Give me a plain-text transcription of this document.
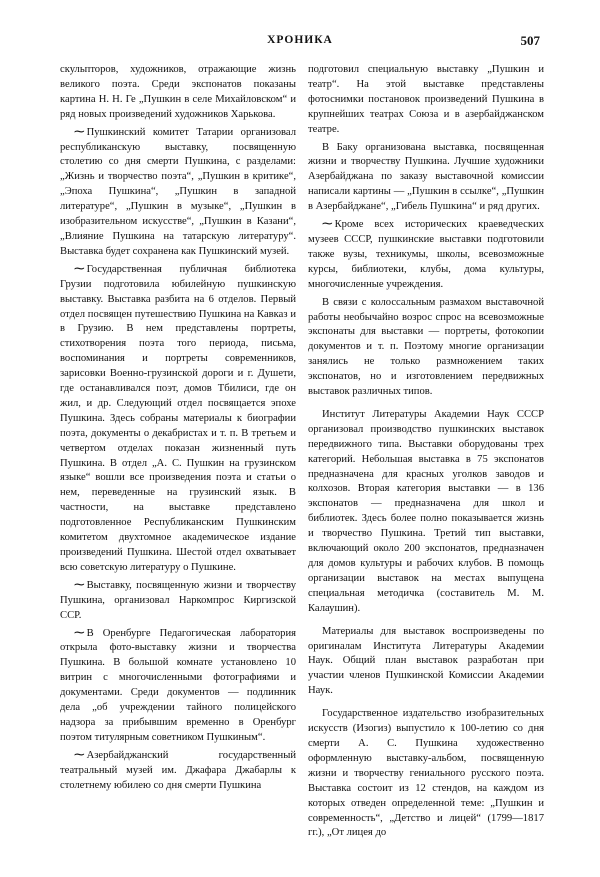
ХРОНИКА	507

скульпторов, художников, отражающие жизнь великого поэта. Среди экспонатов показаны картина Н. Н. Ге „Пушкин в селе Михайловском“ и ряд новых произведений художников Харькова.

⁓ Пушкинский комитет Татарии организовал республиканскую выставку, посвященную столетию со дня смерти Пушкина, с разделами: „Жизнь и творчество поэта“, „Пушкин в критике“, „Эпоха Пушкина“, „Пушкин в западной литературе“, „Пушкин в музыке“, „Пушкин в изобразительном искусстве“, „Пушкин в Казани“, „Влияние Пушкина на татарскую литературу“. Выставка будет сохранена как Пушкинский музей.

⁓ Государственная публичная библиотека Грузии подготовила юбилейную пушкинскую выставку. Выставка разбита на 6 отделов. Первый отдел посвящен путешествию Пушкина на Кавказ и в Грузию. В нем представлены портреты, стихотворения поэта того периода, письма, воспоминания и портреты современников, зарисовки Военно-грузинской дороги и г. Душети, где останавливался поэт, домов Тбилиси, где он жил, и др. Следующий отдел посвящается эпохе Пушкина. Здесь собраны материалы к биографии поэта, документы о декабристах и т. п. В третьем и четвертом отделах показан жизненный путь Пушкина. В отдел „А. С. Пушкин на грузинском языке“ вошли все произведения поэта и статьи о нем, переведенные на грузинский язык. В частности, на выставке представлено подготовленное Республиканским Пушкинским комитетом двухтомное академическое издание произведений Пушкина. Шестой отдел охватывает всю советскую литературу о Пушкине.

⁓ Выставку, посвященную жизни и творчеству Пушкина, организовал Наркомпрос Киргизской ССР.

⁓ В Оренбурге Педагогическая лаборатория открыла фото-выставку жизни и творчества Пушкина. В большой комнате установлено 10 витрин с многочисленными фотографиями и документами. Среди документов — подлинник дела „об учреждении тайного полицейского надзора за прибывшим временно в Оренбург поэтом титулярным советником Пушкиным“.

⁓ Азербайджанский государственный театральный музей им. Джафара Джабарлы к столетнему юбилею со дня смерти Пушкина

подготовил специальную выставку „Пушкин и театр“. На этой выставке представлены фотоснимки постановок произведений Пушкина в крупнейших театрах Союза и в азербайджанском театре.

В Баку организована выставка, посвященная жизни и творчеству Пушкина. Лучшие художники Азербайджана по заказу выставочной комиссии написали картины — „Пушкин в ссылке“, „Пушкин в Азербайджане“, „Гибель Пушкина“ и ряд других.

⁓ Кроме всех исторических краеведческих музеев СССР, пушкинские выставки подготовили также вузы, техникумы, школы, всевозможные курсы, библиотеки, клубы, дома культуры, многочисленные учреждения.

В связи с колоссальным размахом выставочной работы необычайно возрос спрос на всевозможные экспонаты для выставки — портреты, фотокопии документов и т. п. Поэтому многие организации занялись не только размножением таких экспонатов, но и изготовлением передвижных выставок различных типов.

Институт Литературы Академии Наук СССР организовал производство пушкинских выставок передвижного типа. Выставки оборудованы трех категорий. Небольшая выставка в 75 экспонатов предназначена для красных уголков заводов и колхозов. Вторая категория выставки — в 136 экспонатов — предназначена для школ и библиотек. Здесь более полно показывается жизнь и творчество Пушкина. Третий тип выставки, включающий около 200 экспонатов, предназначен для домов культуры и рабочих клубов. В помощь организации выставок на местах выпущена специальная методичка (составитель М. М. Калаушин).

Материалы для выставок воспроизведены по оригиналам Института Литературы Академии Наук. Общий план выставок разработан при участии членов Пушкинской Комиссии Академии Наук.

Государственное издательство изобразительных искусств (Изогиз) выпустило к 100-летию со дня смерти А. С. Пушкина художественно оформленную выставку-альбом, посвященную жизни и творчеству гениального русского поэта. Выставка состоит из 12 стендов, на каждом из которых отведен определенной теме: „Пушкин и современность“, „Детство и лицей“ (1799—1817 гг.), „От лицея до
